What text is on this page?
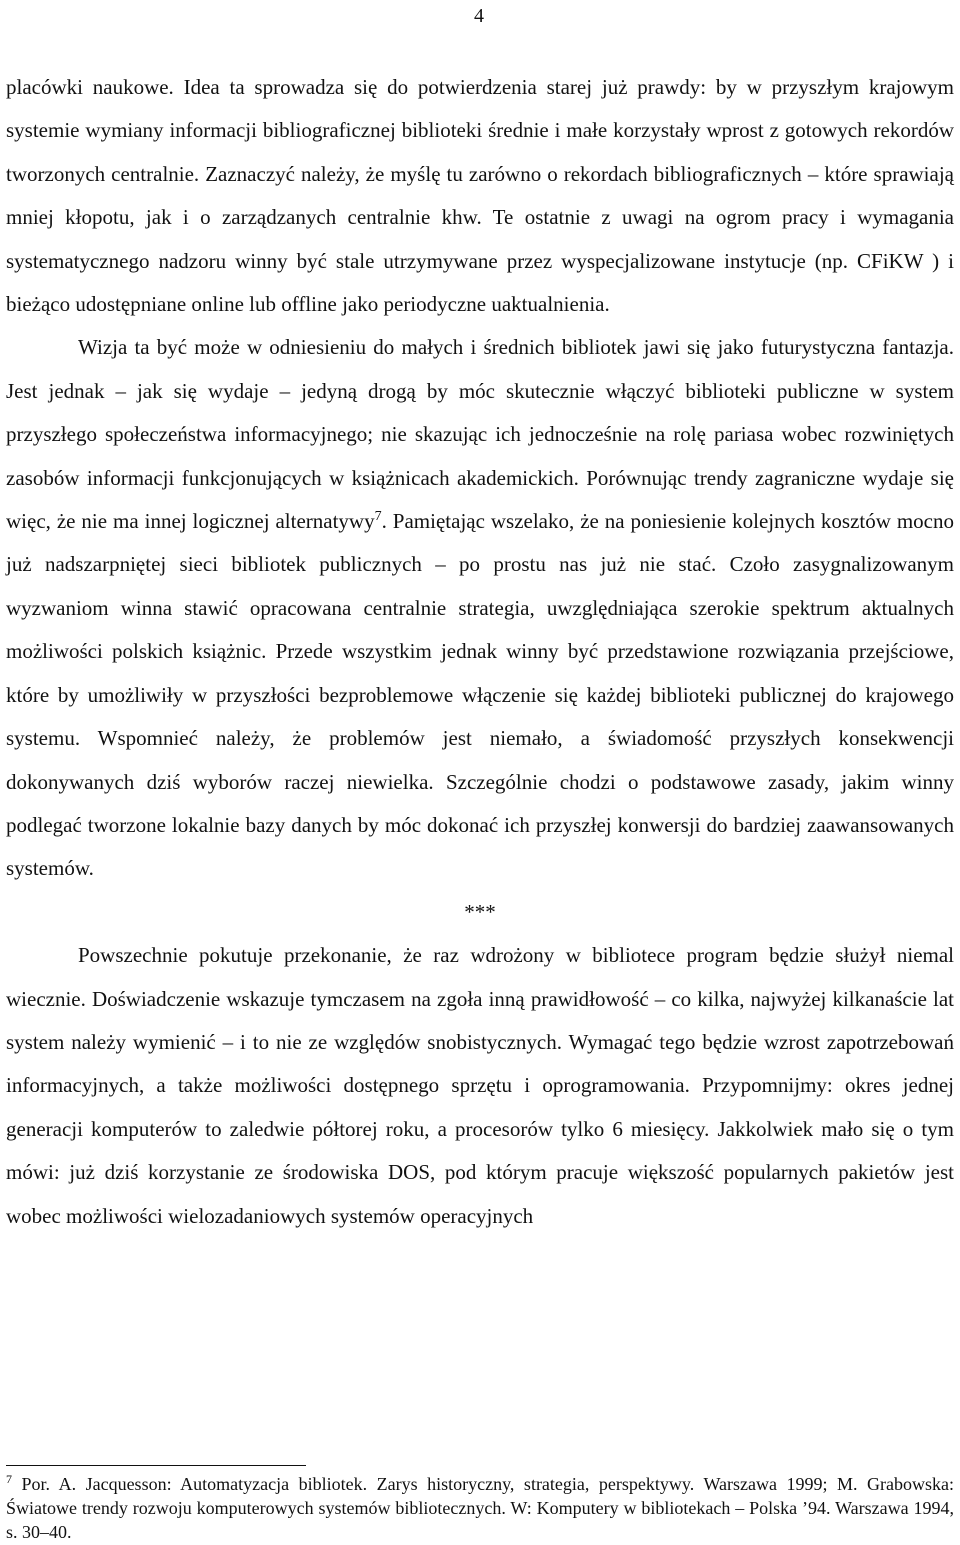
4

placówki naukowe. Idea ta sprowadza się do potwierdzenia starej już prawdy: by w przyszłym krajowym systemie wymiany informacji bibliograficznej biblioteki średnie i małe korzystały wprost z gotowych rekordów tworzonych centralnie. Zaznaczyć należy, że myślę tu zarówno o rekordach bibliograficznych – które sprawiają mniej kłopotu, jak i o zarządzanych centralnie khw. Te ostatnie z uwagi na ogrom pracy i wymagania systematycznego nadzoru winny być stale utrzymywane przez wyspecjalizowane instytucje (np. CFiKW ) i bieżąco udostępniane online lub offline jako periodyczne uaktualnienia.

Wizja ta być może w odniesieniu do małych i średnich bibliotek jawi się jako futurystyczna fantazja. Jest jednak – jak się wydaje – jedyną drogą by móc skutecznie włączyć biblioteki publiczne w system przyszłego społeczeństwa informacyjnego; nie skazując ich jednocześnie na rolę pariasa wobec rozwiniętych zasobów informacji funkcjonujących w książnicach akademickich. Porównując trendy zagraniczne wydaje się więc, że nie ma innej logicznej alternatywy$^7$. Pamiętając wszelako, że na poniesienie kolejnych kosztów mocno już nadszarpniętej sieci bibliotek publicznych – po prostu nas już nie stać. Czoło zasygnalizowanym wyzwaniom winna stawić opracowana centralnie strategia, uwzględniająca szerokie spektrum aktualnych możliwości polskich książnic. Przede wszystkim jednak winny być przedstawione rozwiązania przejściowe, które by umożliwiły w przyszłości bezproblemowe włączenie się każdej biblioteki publicznej do krajowego systemu. Wspomnieć należy, że problemów jest niemało, a świadomość przyszłych konsekwencji dokonywanych dziś wyborów raczej niewielka. Szczególnie chodzi o podstawowe zasady, jakim winny podlegać tworzone lokalnie bazy danych by móc dokonać ich przyszłej konwersji do bardziej zaawansowanych systemów.

***

Powszechnie pokutuje przekonanie, że raz wdrożony w bibliotece program będzie służył niemal wiecznie. Doświadczenie wskazuje tymczasem na zgoła inną prawidłowość – co kilka, najwyżej kilkanaście lat system należy wymienić – i to nie ze względów snobistycznych. Wymagać tego będzie wzrost zapotrzebowań informacyjnych, a także możliwości dostępnego sprzętu i oprogramowania. Przypomnijmy: okres jednej generacji komputerów to zaledwie półtorej roku, a procesorów tylko 6 miesięcy. Jakkolwiek mało się o tym mówi: już dziś korzystanie ze środowiska DOS, pod którym pracuje większość popularnych pakietów jest wobec możliwości wielozadaniowych systemów operacyjnych

$^7$ Por. A. Jacquesson: Automatyzacja bibliotek. Zarys historyczny, strategia, perspektywy. Warszawa 1999; M. Grabowska: Światowe trendy rozwoju komputerowych systemów bibliotecznych. W: Komputery w bibliotekach – Polska ’94. Warszawa 1994, s. 30–40.
